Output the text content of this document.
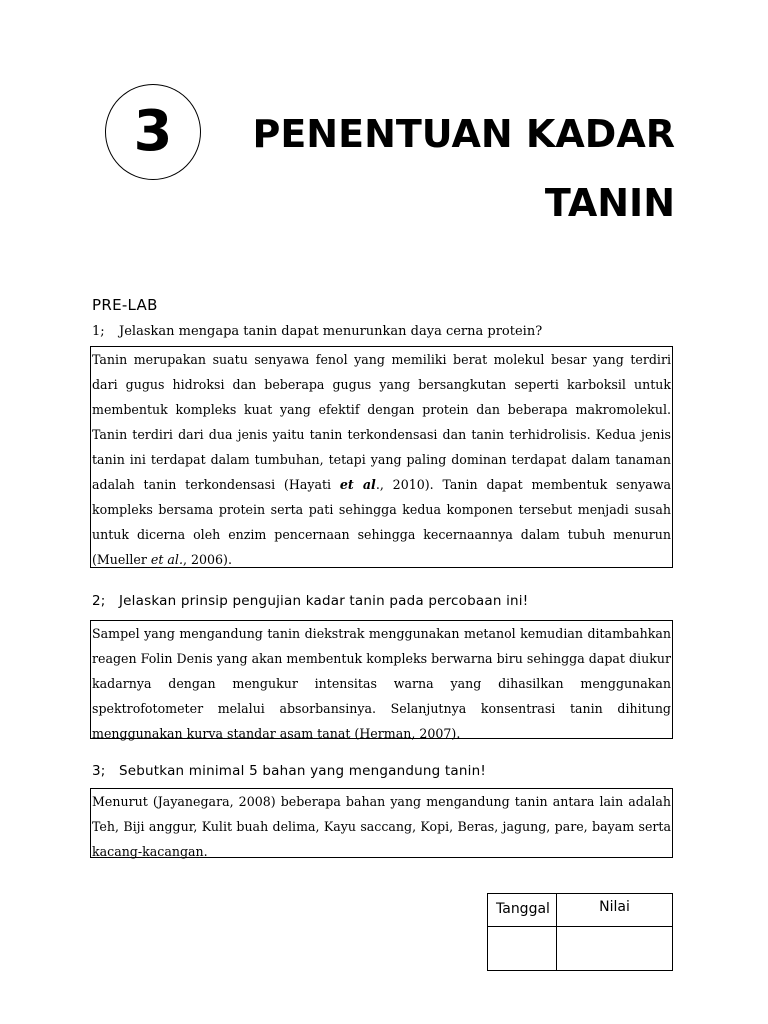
3 PENENTUAN KADAR
TANIN
PRE-LAB
1; Jelaskan mengapa tanin dapat menurunkan daya cerna protein?
Tanin merupakan suatu senyawa fenol yang memiliki berat molekul besar yang terdiri dari gugus hidroksi dan beberapa gugus yang bersangkutan seperti karboksil untuk membentuk kompleks kuat yang efektif dengan protein dan beberapa makromolekul. Tanin terdiri dari dua jenis yaitu tanin terkondensasi dan tanin terhidrolisis. Kedua jenis tanin ini terdapat dalam tumbuhan, tetapi yang paling dominan terdapat dalam tanaman adalah tanin terkondensasi (Hayati et al., 2010). Tanin dapat membentuk senyawa kompleks bersama protein serta pati sehingga kedua komponen tersebut menjadi susah untuk dicerna oleh enzim pencernaan sehingga kecernaannya dalam tubuh menurun (Mueller et al., 2006).
2; Jelaskan prinsip pengujian kadar tanin pada percobaan ini!
Sampel yang mengandung tanin diekstrak menggunakan metanol kemudian ditambahkan reagen Folin Denis yang akan membentuk kompleks berwarna biru sehingga dapat diukur kadarnya dengan mengukur intensitas warna yang dihasilkan menggunakan spektrofotometer melalui absorbansinya. Selanjutnya konsentrasi tanin dihitung menggunakan kurva standar asam tanat (Herman, 2007).
3; Sebutkan minimal 5 bahan yang mengandung tanin!
Menurut (Jayanegara, 2008) beberapa bahan yang mengandung tanin antara lain adalah Teh, Biji anggur, Kulit buah delima, Kayu saccang, Kopi, Beras, jagung, pare, bayam serta kacang-kacangan.
Tanggal	Nilai
